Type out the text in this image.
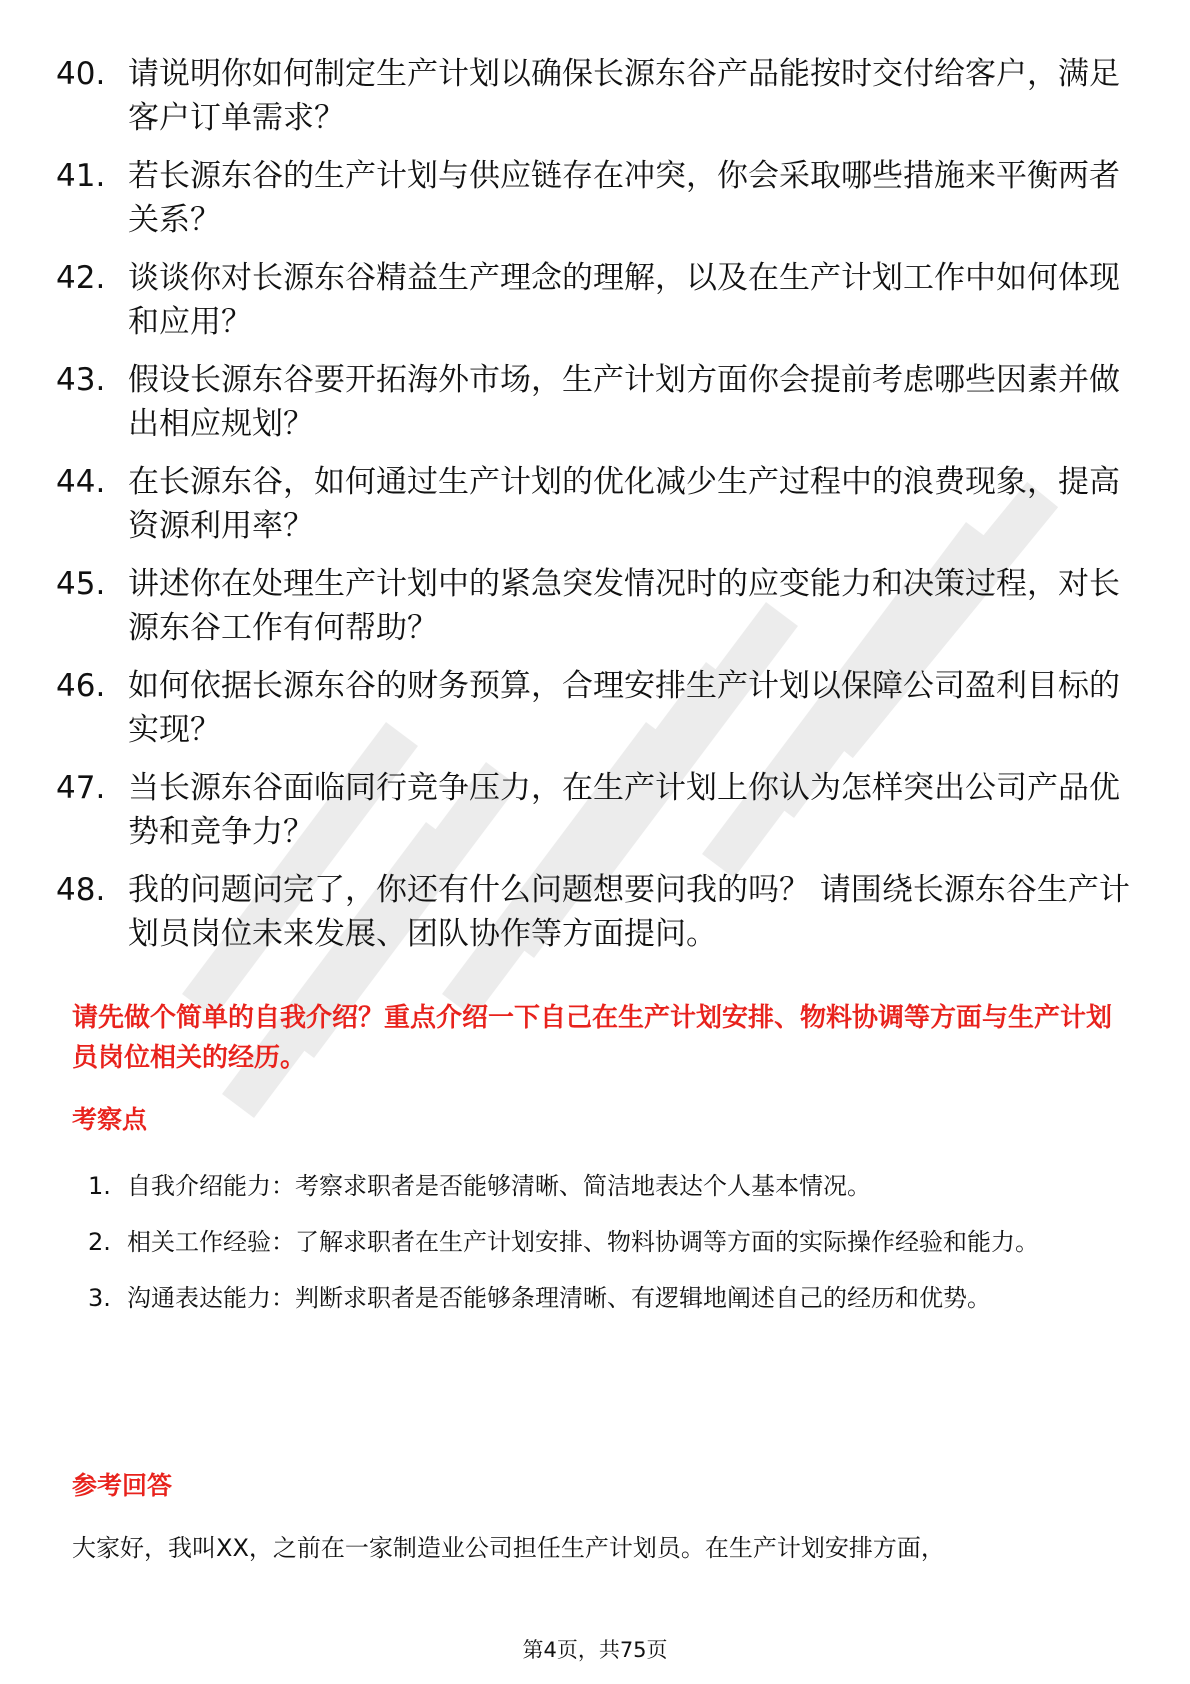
40. 请说明你如何制定生产计划以确保长源东谷产品能按时交付给客户，满足客户订单需求？
41. 若长源东谷的生产计划与供应链存在冲突，你会采取哪些措施来平衡两者关系？
42. 谈谈你对长源东谷精益生产理念的理解，以及在生产计划工作中如何体现和应用？
43. 假设长源东谷要开拓海外市场，生产计划方面你会提前考虑哪些因素并做出相应规划？
44. 在长源东谷，如何通过生产计划的优化减少生产过程中的浪费现象，提高资源利用率？
45. 讲述你在处理生产计划中的紧急突发情况时的应变能力和决策过程，对长源东谷工作有何帮助？
46. 如何依据长源东谷的财务预算，合理安排生产计划以保障公司盈利目标的实现？
47. 当长源东谷面临同行竞争压力，在生产计划上你认为怎样突出公司产品优势和竞争力？
48. 我的问题问完了，你还有什么问题想要问我的吗？ 请围绕长源东谷生产计划员岗位未来发展、团队协作等方面提问。
请先做个简单的自我介绍？重点介绍一下自己在生产计划安排、物料协调等方面与生产计划员岗位相关的经历。
考察点
1. 自我介绍能力：考察求职者是否能够清晰、简洁地表达个人基本情况。
2. 相关工作经验：了解求职者在生产计划安排、物料协调等方面的实际操作经验和能力。
3. 沟通表达能力：判断求职者是否能够条理清晰、有逻辑地阐述自己的经历和优势。
参考回答
大家好，我叫XX，之前在一家制造业公司担任生产计划员。在生产计划安排方面，
第4页，共75页
